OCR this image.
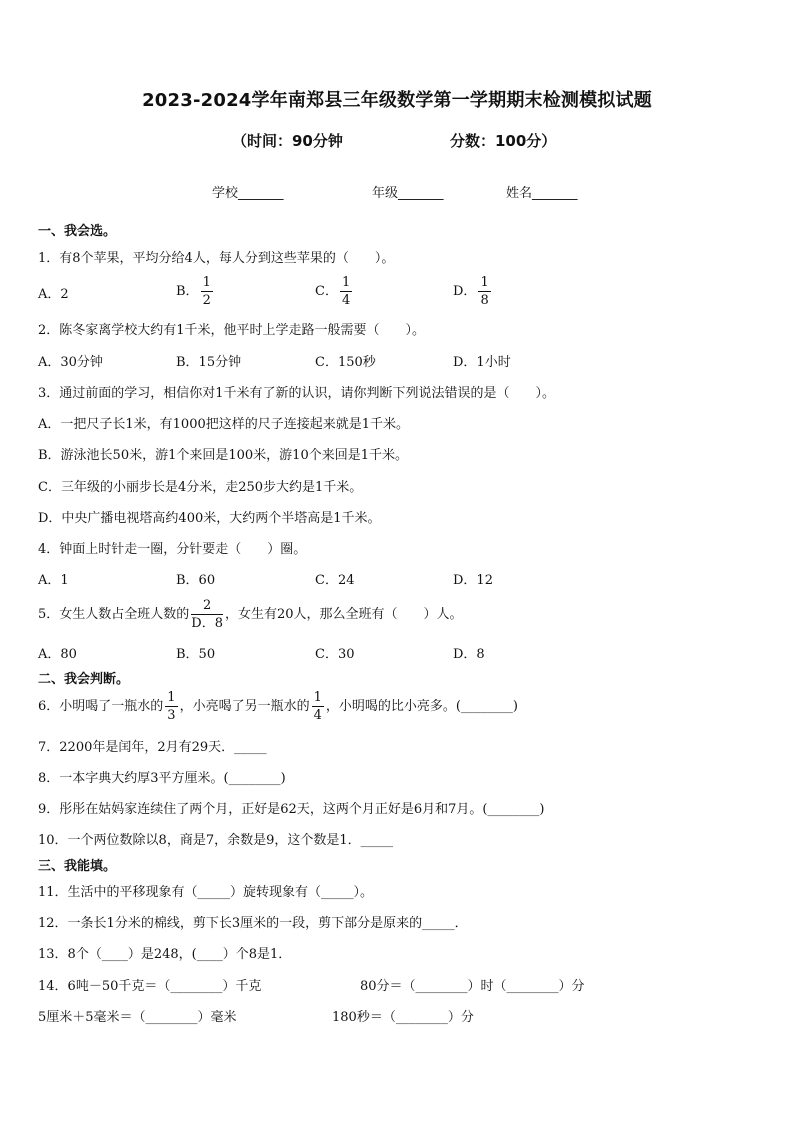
2023-2024学年南郑县三年级数学第一学期期末检测模拟试题
（时间：90分钟	分数：100分）
学校_______	年级_______	姓名_______
一、我会选。
1．有8个苹果，平均分给4人，每人分到这些苹果的（　　）。
A．2	B． $\frac{1}{2}$	C． $\frac{1}{4}$	D． $\frac{1}{8}$
2．陈冬家离学校大约有1千米，他平时上学走路一般需要（　　）。
A．30分钟	B．15分钟	C．150秒	D．1小时
3．通过前面的学习，相信你对1千米有了新的认识，请你判断下列说法错误的是（　　）。
A．一把尺子长1米，有1000把这样的尺子连接起来就是1千米。
B．游泳池长50米，游1个来回是100米，游10个来回是1千米。
C．三年级的小丽步长是4分米，走250步大约是1千米。
D．中央广播电视塔高约400米，大约两个半塔高是1千米。
4．钟面上时针走一圈，分针要走（　　）圈。
A．1	B．60	C．24	D．12
5．女生人数占全班人数的 $\frac{2}{D.8}$ ，女生有20人，那么全班有（　　）人。
A．80	B．50	C．30	D．8
二、我会判断。
6．小明喝了一瓶水的 $\frac{1}{3}$ ，小亮喝了另一瓶水的 $\frac{1}{4}$ ，小明喝的比小亮多。(________)
7．2200年是闰年，2月有29天．_____
8．一本字典大约厚3平方厘米。(________)
9．彤彤在姑妈家连续住了两个月，正好是62天，这两个月正好是6月和7月。(________)
10．一个两位数除以8，商是7，余数是9，这个数是1．_____
三、我能填。
11．生活中的平移现象有（_____）旋转现象有（_____）。
12．一条长1分米的棉线，剪下长3厘米的一段，剪下部分是原来的_____．
13．8个（____）是248，(____）个8是1．
14．6吨－50千克＝（________）千克	80分＝（________）时（________）分
5厘米＋5毫米＝（________）毫米	180秒＝（________）分
